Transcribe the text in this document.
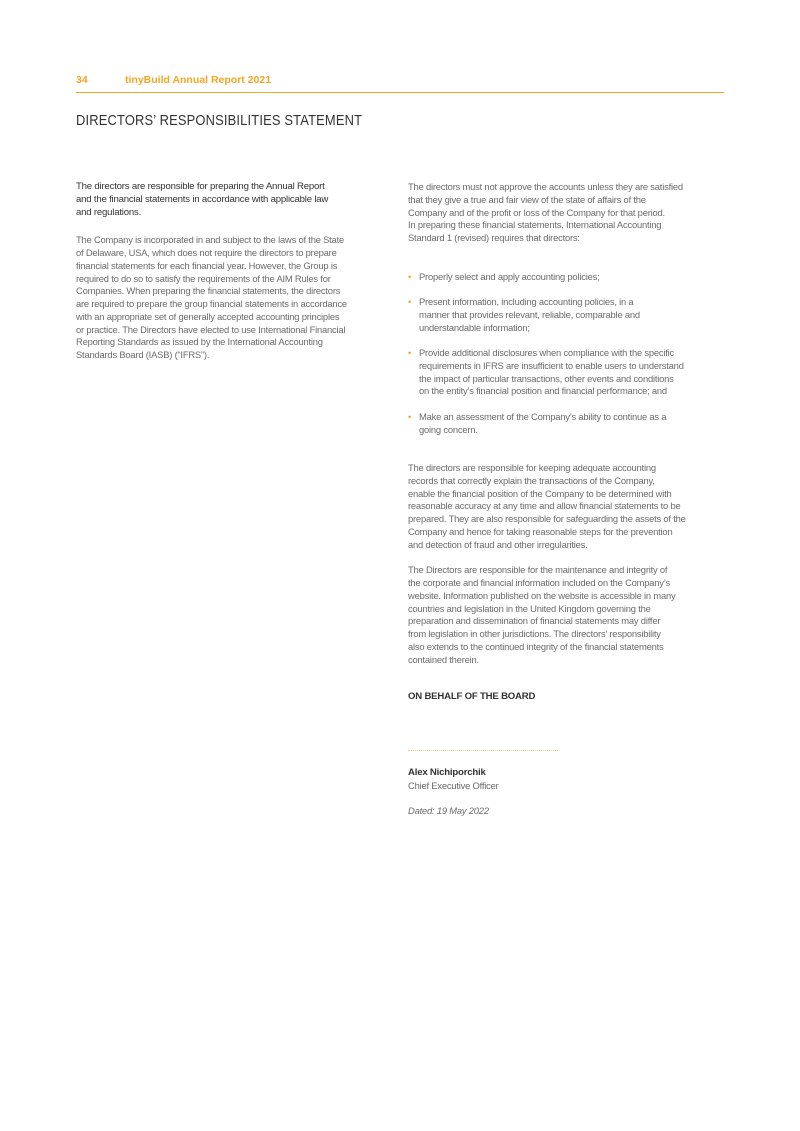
34	tinyBuild Annual Report 2021
DIRECTORS’ RESPONSIBILITIES STATEMENT
The directors are responsible for preparing the Annual Report
and the financial statements in accordance with applicable law
and regulations.
The Company is incorporated in and subject to the laws of the State
of Delaware, USA, which does not require the directors to prepare
financial statements for each financial year. However, the Group is
required to do so to satisfy the requirements of the AIM Rules for
Companies. When preparing the financial statements, the directors
are required to prepare the group financial statements in accordance
with an appropriate set of generally accepted accounting principles
or practice. The Directors have elected to use International Financial
Reporting Standards as issued by the International Accounting
Standards Board (IASB) (“IFRS”).
The directors must not approve the accounts unless they are satisfied
that they give a true and fair view of the state of affairs of the
Company and of the profit or loss of the Company for that period.
In preparing these financial statements, International Accounting
Standard 1 (revised) requires that directors:

• Properly select and apply accounting policies;

• Present information, including accounting policies, in a
manner that provides relevant, reliable, comparable and
understandable information;

• Provide additional disclosures when compliance with the specific
requirements in IFRS are insufficient to enable users to understand
the impact of particular transactions, other events and conditions
on the entity’s financial position and financial performance; and

• Make an assessment of the Company’s ability to continue as a
going concern.

The directors are responsible for keeping adequate accounting
records that correctly explain the transactions of the Company,
enable the financial position of the Company to be determined with
reasonable accuracy at any time and allow financial statements to be
prepared. They are also responsible for safeguarding the assets of the
Company and hence for taking reasonable steps for the prevention
and detection of fraud and other irregularities.
The Directors are responsible for the maintenance and integrity of
the corporate and financial information included on the Company’s
website. Information published on the website is accessible in many
countries and legislation in the United Kingdom governing the
preparation and dissemination of financial statements may differ
from legislation in other jurisdictions. The directors’ responsibility
also extends to the continued integrity of the financial statements
contained therein.
ON BEHALF OF THE BOARD
Alex Nichiporchik
Chief Executive Officer
Dated: 19 May 2022
